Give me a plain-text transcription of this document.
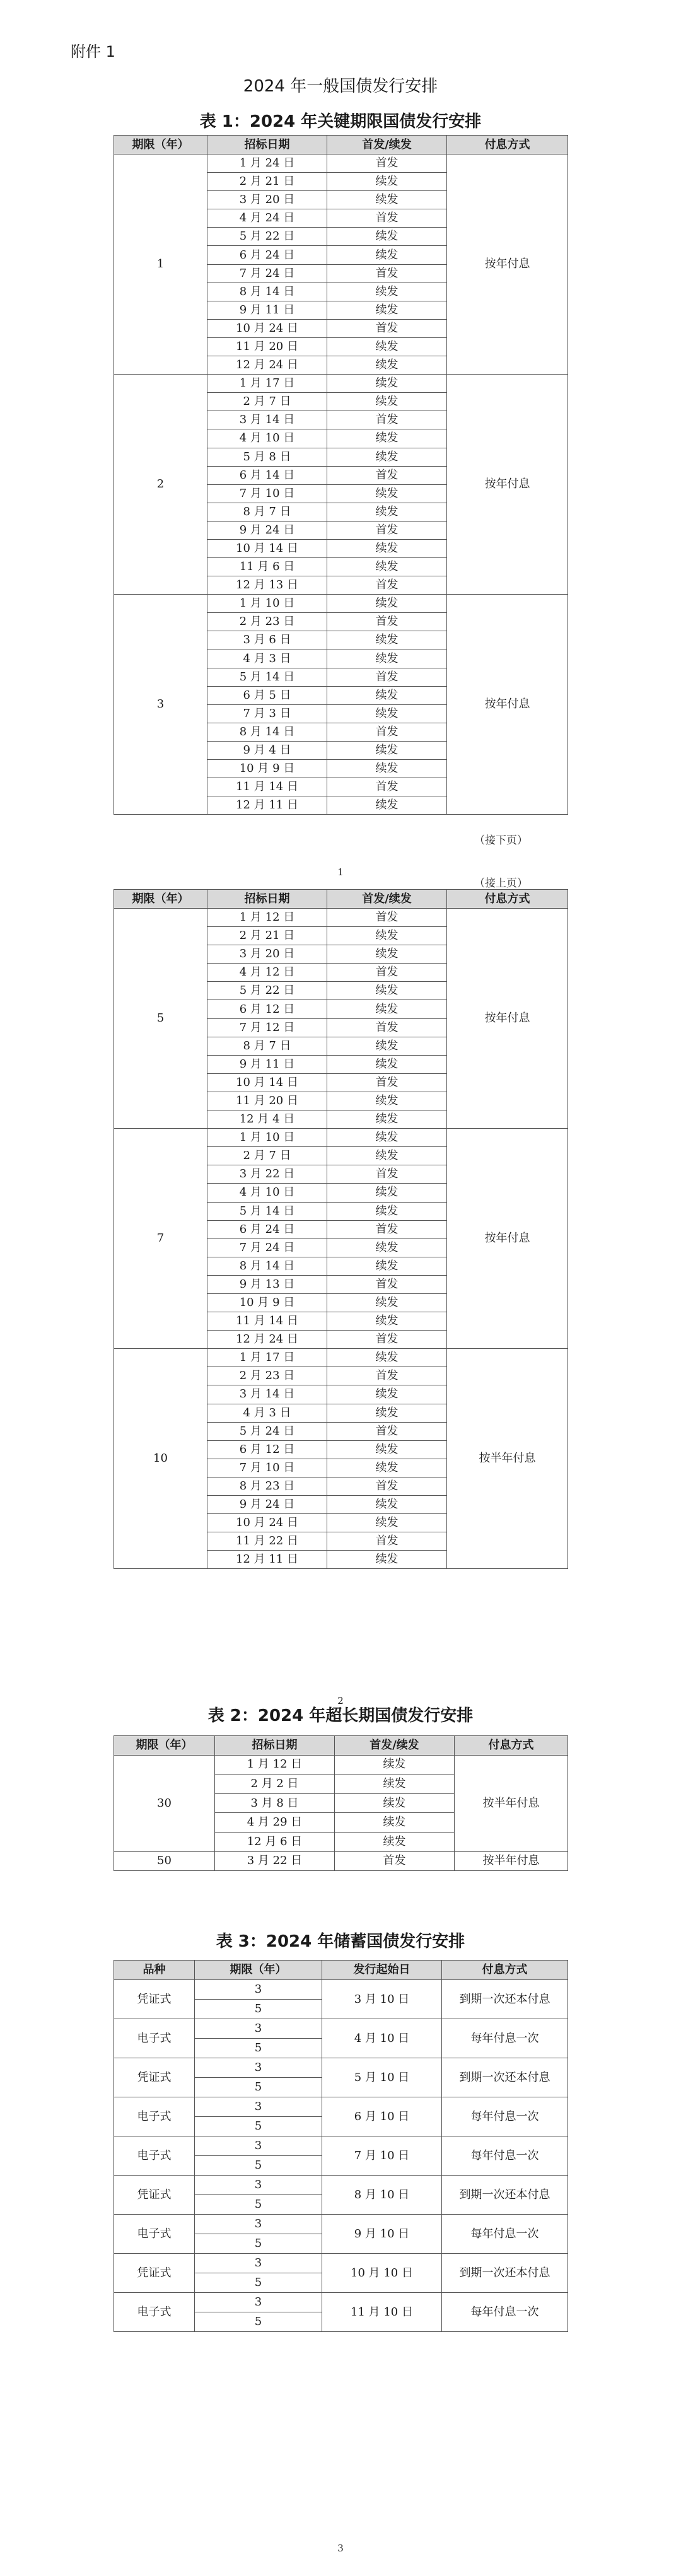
附件 1
2024 年一般国债发行安排
表 1：2024 年关键期限国债发行安排
期限（年）	招标日期	首发/续发	付息方式
1	1 月 24 日	首发	按年付息
	2 月 21 日	续发	
	3 月 20 日	续发	
	4 月 24 日	首发	
	5 月 22 日	续发	
	6 月 24 日	续发	
	7 月 24 日	首发	
	8 月 14 日	续发	
	9 月 11 日	续发	
	10 月 24 日	首发	
	11 月 20 日	续发	
	12 月 24 日	续发	
2	1 月 17 日	续发	按年付息
	2 月 7 日	续发	
	3 月 14 日	首发	
	4 月 10 日	续发	
	5 月 8 日	续发	
	6 月 14 日	首发	
	7 月 10 日	续发	
	8 月 7 日	续发	
	9 月 24 日	首发	
	10 月 14 日	续发	
	11 月 6 日	续发	
	12 月 13 日	首发	
3	1 月 10 日	续发	按年付息
	2 月 23 日	首发	
	3 月 6 日	续发	
	4 月 3 日	续发	
	5 月 14 日	首发	
	6 月 5 日	续发	
	7 月 3 日	续发	
	8 月 14 日	首发	
	9 月 4 日	续发	
	10 月 9 日	续发	
	11 月 14 日	首发	
	12 月 11 日	续发	
（接下页）
1
（接上页）
期限（年）	招标日期	首发/续发	付息方式
5	1 月 12 日	首发	按年付息
	2 月 21 日	续发	
	3 月 20 日	续发	
	4 月 12 日	首发	
	5 月 22 日	续发	
	6 月 12 日	续发	
	7 月 12 日	首发	
	8 月 7 日	续发	
	9 月 11 日	续发	
	10 月 14 日	首发	
	11 月 20 日	续发	
	12 月 4 日	续发	
7	1 月 10 日	续发	按年付息
	2 月 7 日	续发	
	3 月 22 日	首发	
	4 月 10 日	续发	
	5 月 14 日	续发	
	6 月 24 日	首发	
	7 月 24 日	续发	
	8 月 14 日	续发	
	9 月 13 日	首发	
	10 月 9 日	续发	
	11 月 14 日	续发	
	12 月 24 日	首发	
10	1 月 17 日	续发	按半年付息
	2 月 23 日	首发	
	3 月 14 日	续发	
	4 月 3 日	续发	
	5 月 24 日	首发	
	6 月 12 日	续发	
	7 月 10 日	续发	
	8 月 23 日	首发	
	9 月 24 日	续发	
	10 月 24 日	续发	
	11 月 22 日	首发	
	12 月 11 日	续发	
2
表 2：2024 年超长期国债发行安排
期限（年）	招标日期	首发/续发	付息方式
30	1 月 12 日	续发	按半年付息
	2 月 2 日	续发	
	3 月 8 日	续发	
	4 月 29 日	续发	
	12 月 6 日	续发	
50	3 月 22 日	首发	按半年付息
表 3：2024 年储蓄国债发行安排
品种	期限（年）	发行起始日	付息方式
凭证式	3	3 月 10 日	到期一次还本付息
	5		
电子式	3	4 月 10 日	每年付息一次
	5		
凭证式	3	5 月 10 日	到期一次还本付息
	5		
电子式	3	6 月 10 日	每年付息一次
	5		
电子式	3	7 月 10 日	每年付息一次
	5		
凭证式	3	8 月 10 日	到期一次还本付息
	5		
电子式	3	9 月 10 日	每年付息一次
	5		
凭证式	3	10 月 10 日	到期一次还本付息
	5		
电子式	3	11 月 10 日	每年付息一次
	5		
3
